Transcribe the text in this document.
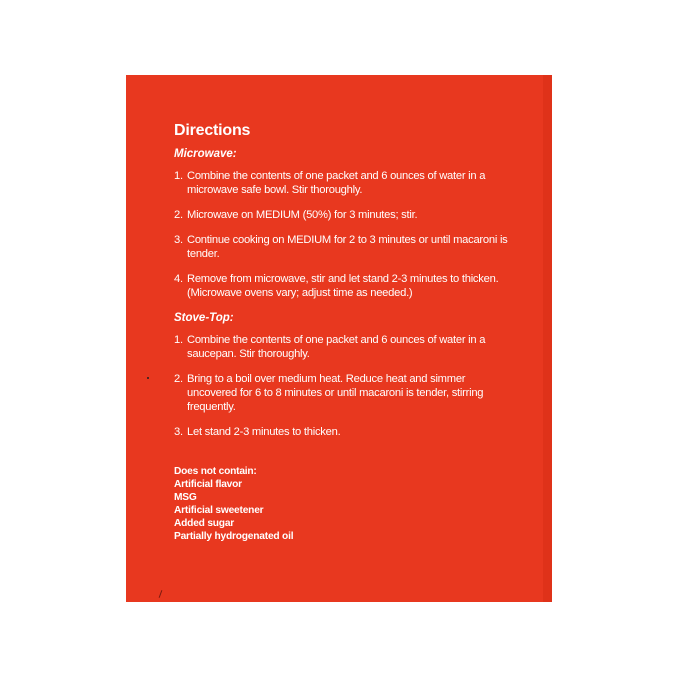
Directions
Microwave:
1. Combine the contents of one packet and 6 ounces of water in a microwave safe bowl. Stir thoroughly.
2. Microwave on MEDIUM (50%) for 3 minutes; stir.
3. Continue cooking on MEDIUM for 2 to 3 minutes or until macaroni is tender.
4. Remove from microwave, stir and let stand 2-3 minutes to thicken. (Microwave ovens vary; adjust time as needed.)
Stove-Top:
1. Combine the contents of one packet and 6 ounces of water in a saucepan. Stir thoroughly.
2. Bring to a boil over medium heat. Reduce heat and simmer uncovered for 6 to 8 minutes or until macaroni is tender, stirring frequently.
3. Let stand 2-3 minutes to thicken.
Does not contain:
Artificial flavor
MSG
Artificial sweetener
Added sugar
Partially hydrogenated oil
